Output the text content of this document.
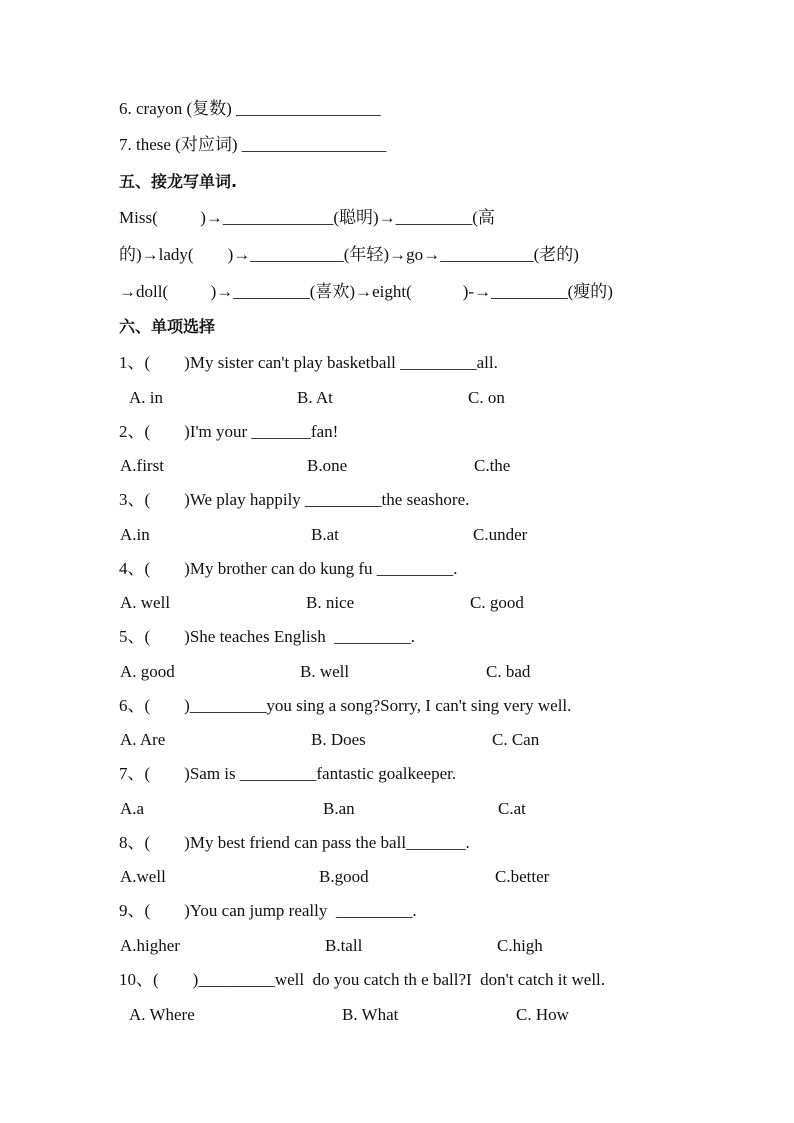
6. crayon (复数) _________________
7. these (对应词) _________________
五、接龙写单词.
Miss(          )→_____________(聪明)→_________(高
的)→lady(        )→___________(年轻)→go→___________(老的)
→doll(          )→_________(喜欢)→eight(            )-→_________(瘦的)
六、单项选择
1、(        )My sister can't play basketball _________all.
A. in	B. At	C. on
2、(        )I'm your _______fan!
A.first	B.one	C.the
3、(        )We play happily _________the seashore.
A.in	B.at	C.under
4、(        )My brother can do kung fu _________.
A. well	B. nice	C. good
5、(        )She teaches English  _________.
A. good	B. well	C. bad
6、(        )_________you sing a song?Sorry, I can't sing very well.
A. Are	B. Does	C. Can
7、(        )Sam is _________fantastic goalkeeper.
A.a	B.an	C.at
8、(        )My best friend can pass the ball_______.
A.well	B.good	C.better
9、(        )You can jump really  _________.
A.higher	B.tall	C.high
10、(        )_________well  do you catch th e ball?I  don't catch it well.
A. Where	B. What	C. How
